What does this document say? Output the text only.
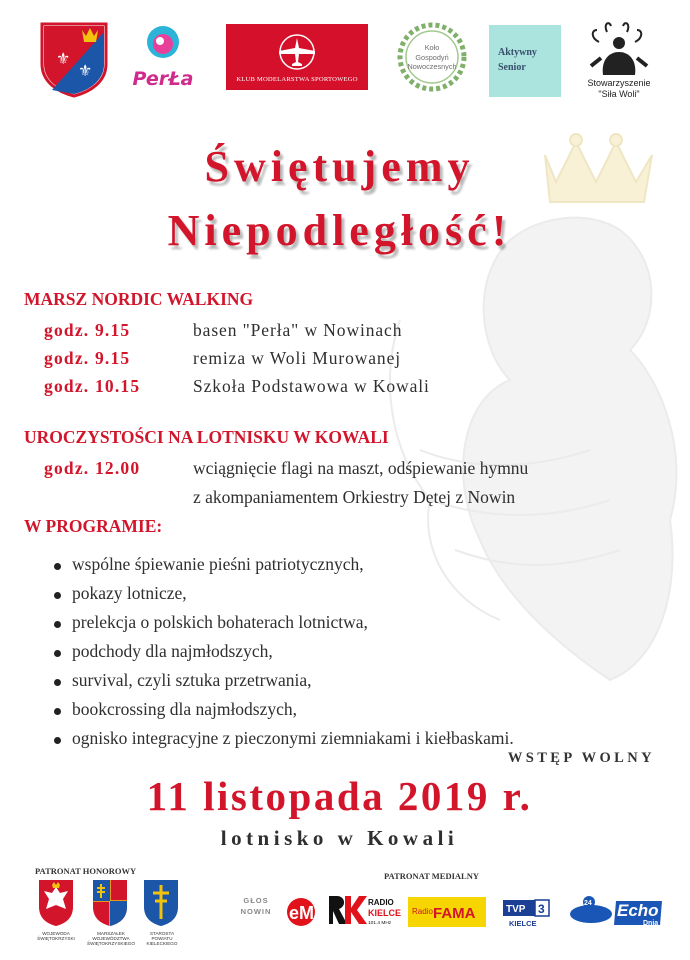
⚜
⚜	PerŁa	KLUB MODELARSTWA SPORTOWEGO
Koło
Gospodyń
Nowoczesnych
Aktywny
Senior
Stowarzyszenie
"Siła Woli"
Świętujemy
Niepodległość!
MARSZ NORDIC WALKING
godz. 9.15	basen "Perła" w Nowinach
godz. 9.15	remiza w Woli Murowanej
godz. 10.15	Szkoła Podstawowa w Kowali
UROCZYSTOŚCI NA LOTNISKU W KOWALI
godz. 12.00	wciągnięcie flagi na maszt, odśpiewanie hymnu
z akompaniamentem Orkiestry Dętej z Nowin
W PROGRAMIE:
wspólne śpiewanie pieśni patriotycznych,
pokazy lotnicze,
prelekcja o polskich bohaterach lotnictwa,
podchody dla najmłodszych,
survival, czyli sztuka przetrwania,
bookcrossing dla najmłodszych,
ognisko integracyjne z pieczonymi ziemniakami i kiełbaskami.
WSTĘP WOLNY
11 listopada 2019 r.
lotnisko w Kowali
PATRONAT HONOROWY
WOJEWODA
ŚWIĘTOKRZYSKI
MARSZAŁEK
WOJEWÓDZTWA
ŚWIĘTOKRZYSKIEGO
STAROSTA
POWIATU
KIELECKIEGO
PATRONAT MEDIALNY
GŁOS
NOWIN eM
RADIO
KIELCE
101.4 MHz
Radio FAMA	TVP 3
KIELCE
24 Echo
Dnia
